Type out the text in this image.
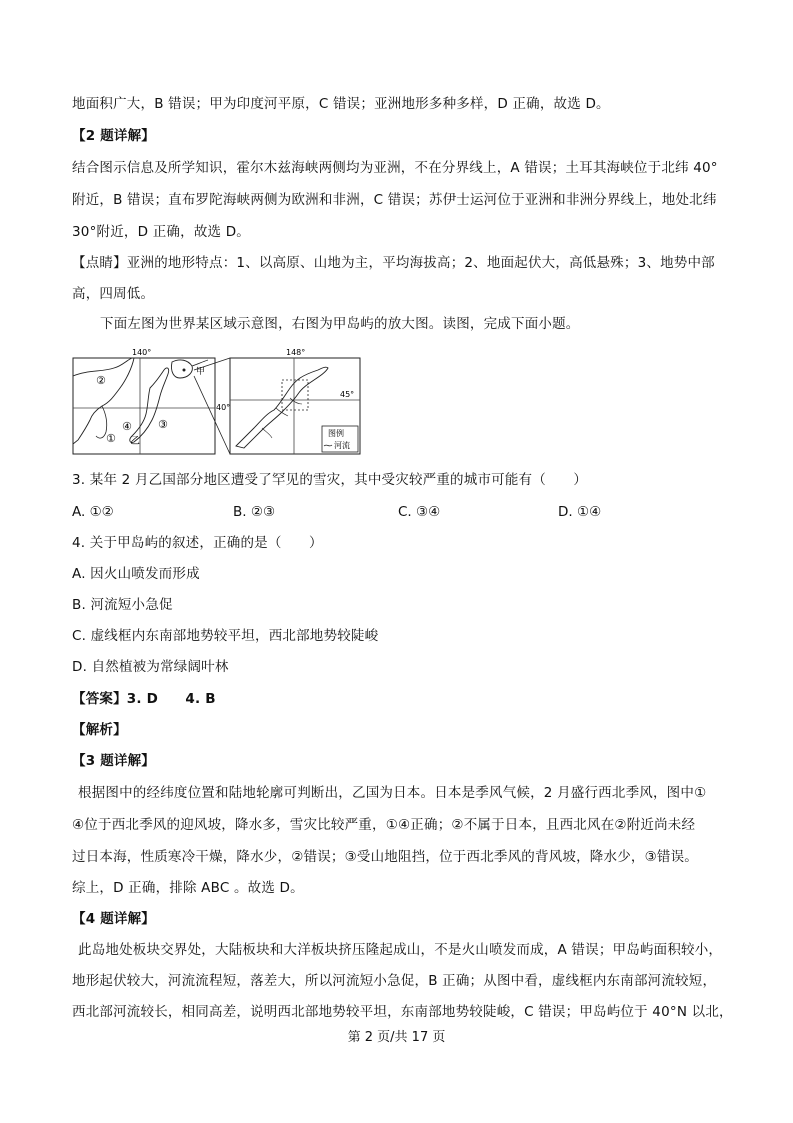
地面积广大，B 错误；甲为印度河平原，C 错误；亚洲地形多种多样，D 正确，故选 D。
【2 题详解】
结合图示信息及所学知识，霍尔木兹海峡两侧均为亚洲，不在分界线上，A 错误；土耳其海峡位于北纬 40°
附近，B 错误；直布罗陀海峡两侧为欧洲和非洲，C 错误；苏伊士运河位于亚洲和非洲分界线上，地处北纬
30°附近，D 正确，故选 D。
【点睛】亚洲的地形特点：1、以高原、山地为主，平均海拔高；2、地面起伏大，高低悬殊；3、地势中部
高，四周低。
下面左图为世界某区域示意图，右图为甲岛屿的放大图。读图，完成下面小题。
140°
②
①
④ ③
乙
甲
148°
45°
图例
河流
40°
3. 某年 2 月乙国部分地区遭受了罕见的雪灾，其中受灾较严重的城市可能有（　　）
A. ①②	B. ②③	C. ③④	D. ①④
4. 关于甲岛屿的叙述，正确的是（　　）
A. 因火山喷发而形成
B. 河流短小急促
C. 虚线框内东南部地势较平坦，西北部地势较陡峻
D. 自然植被为常绿阔叶林
【答案】3. D　　4. B
【解析】
【3 题详解】
根据图中的经纬度位置和陆地轮廓可判断出，乙国为日本。日本是季风气候，2 月盛行西北季风，图中①
④位于西北季风的迎风坡，降水多，雪灾比较严重，①④正确；②不属于日本，且西北风在②附近尚未经
过日本海，性质寒冷干燥，降水少，②错误；③受山地阻挡，位于西北季风的背风坡，降水少，③错误。
综上，D 正确，排除 ABC 。故选 D。
【4 题详解】
此岛地处板块交界处，大陆板块和大洋板块挤压隆起成山，不是火山喷发而成，A 错误；甲岛屿面积较小，
地形起伏较大，河流流程短，落差大，所以河流短小急促，B 正确；从图中看，虚线框内东南部河流较短，
西北部河流较长，相同高差，说明西北部地势较平坦，东南部地势较陡峻，C 错误；甲岛屿位于 40°N 以北，
第 2 页/共 17 页
